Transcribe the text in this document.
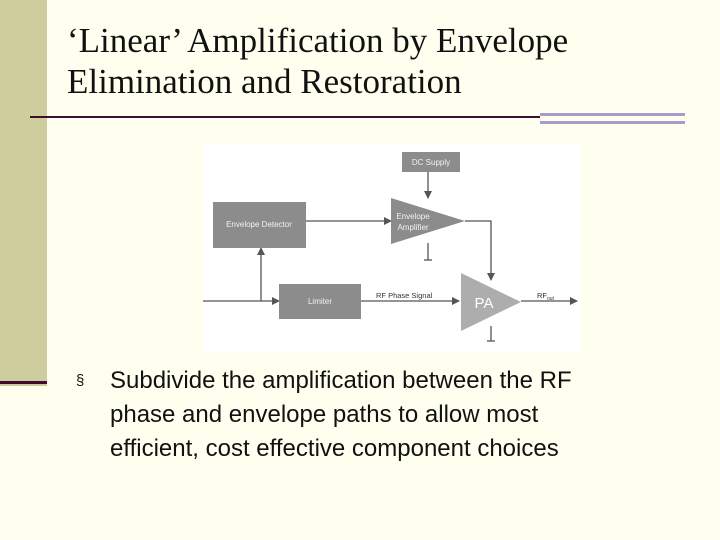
‘Linear’ Amplification by Envelope
Elimination and Restoration
DC Supply
Envelope Detector
Envelope
Amplifier
Limiter
RF Phase Signal	PA	$RF_{out}$
§	Subdivide the amplification between the RF
phase and envelope paths to allow most
efficient, cost effective component choices
